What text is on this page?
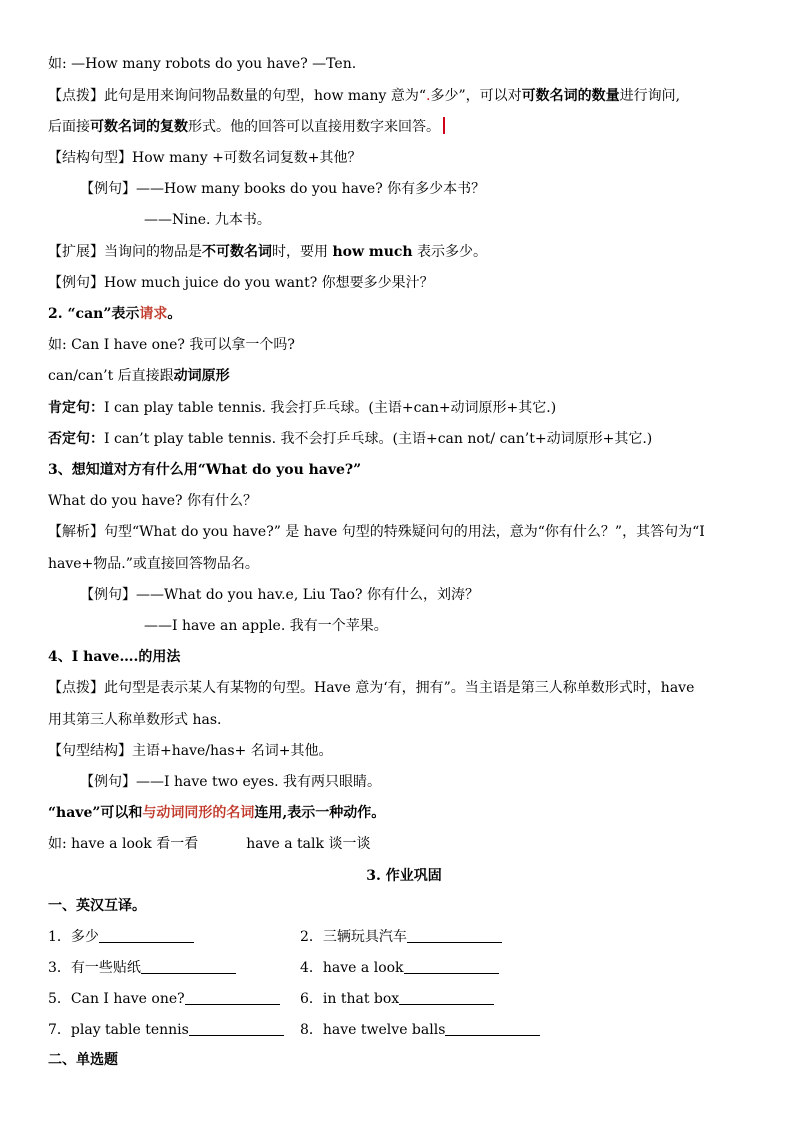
如: —How many robots do you have? —Ten.
【点拨】此句是用来询问物品数量的句型，how many 意为“.多少”，可以对可数名词的数量进行询问,
后面接可数名词的复数形式。他的回答可以直接用数字来回答。
【结构句型】How many +可数名词复数+其他？
【例句】——How many books do you have? 你有多少本书？
——Nine. 九本书。
【扩展】当询问的物品是不可数名词时，要用 how much 表示多少。
【例句】How much juice do you want? 你想要多少果汁？
2. “can”表示请求。
如: Can I have one? 我可以拿一个吗?
can/can’t 后直接跟动词原形
肯定句：I can play table tennis. 我会打乒乓球。(主语+can+动词原形+其它.)
否定句：I can’t play table tennis. 我不会打乒乓球。(主语+can not/ can’t+动词原形+其它.)
3、想知道对方有什么用“What do you have?”
What do you have? 你有什么？
【解析】句型“What do you have?” 是 have 句型的特殊疑问句的用法，意为“你有什么？”，其答句为“I
have+物品.”或直接回答物品名。
【例句】——What do you hav.e, Liu Tao? 你有什么，刘涛？
——I have an apple. 我有一个苹果。
4、I have….的用法
【点拨】此句型是表示某人有某物的句型。Have 意为‘有，拥有”。当主语是第三人称单数形式时，have
用其第三人称单数形式 has.
【句型结构】主语+have/has+ 名词+其他。
【例句】——I have two eyes. 我有两只眼睛。
“have”可以和与动词同形的名词连用,表示一种动作。
如: have a look 看一看	have a talk 谈一谈
3. 作业巩固
一、英汉互译。
1．多少	2．三辆玩具汽车
3．有一些贴纸	4．have a look
5．Can I have one?	6．in that box
7．play table tennis	8．have twelve balls
二、单选题
